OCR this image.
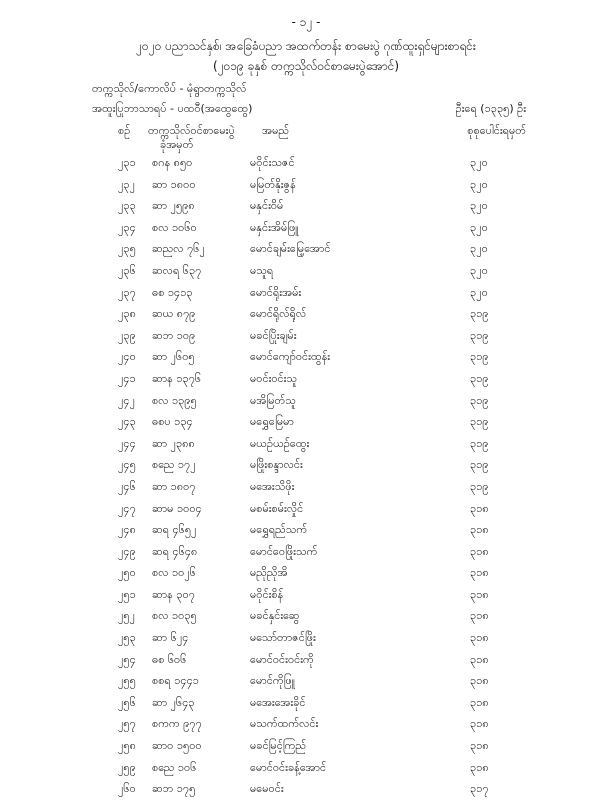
- ၁၂ -
၂၀၂၀ ပညာသင်နှစ်၊ အခြေခံပညာ အထက်တန်း စာမေးပွဲ ဂုဏ်ထူးရှင်များစာရင်း
(၂၀၁၉ ခုနှစ် တက္ကသိုလ်ဝင်စာမေးပွဲအောင်)
တက္ကသိုလ်/ကောလိပ် - မုံရွာတက္ကသိုလ်
အထူးပြုဘာသာရပ် - ပထဝီ(အထွေထွေ)	ဦးရေ (၁၃၃၅) ဦး
စဉ် တက္ကသိုလ်ဝင်စာမေးပွဲ
ခုံအမှတ်
အမည်	စုစုပေါင်းရမှတ်
၂၃၁ စဂန ၈၅၀	မဝိုင်းသဇင်	၃၂၀
၂၃၂ ဆာ ၁၈၀၀	မမြတ်နိုးဇွန်	၃၂၀
၂၃၃ ဆာ ၂၅၉၈	မနှင်းဝိမ်	၃၂၀
၂၃၄ စလ ၁၀၆၀	မနှင်းအိမ်ဖြူ	၃၂၀
၂၃၅ ဆညလ ၇၆၂	မောင်ချမ်းမြေ့အောင်	၃၂၀
၂၃၆ ဆလရ ၆၃၇	မသူရ	၃၂၀
၂၃၇ ဓစ ၁၄၁၃	မောင်ရိုးအမ်း	၃၂၀
၂၃၈ ဆယ ၈၇၉	မောင်ရိုလ်ရိုလ်	၃၁၉
၂၃၉ ဆဘ ၁၀၉	မခင်ပြိုးချမ်း	၃၁၉
၂၄၀ ဆာ ၂၆၀၅	မောင်ကျော်ဝင်းထွန်း	၃၁၉
၂၄၁ ဆာန ၁၃၇၆	မဝင်းဝင်းသူ	၃၁၉
၂၄၂ စလ ၁၃၉၅	မအိမြတ်သူ	၃၁၉
၂၄၃ ဓစပ ၁၃၄	မရွှေမြေမာ	၃၁၉
၂၄၄ ဆာ ၂၃၈၈	မယဉ်ယဉ်ထွေး	၃၁၉
၂၄၅ စညေ ၁၇၂	မဖြိုးစန္ဒာလင်း	၃၁၉
၂၄၆ ဆာ ၁၈၀၇	မအေးသိဖိုး	၃၁၉
၂၄၇ ဆာမ ၁၀၀၄	မစမ်းစမ်းလှိုင်	၃၁၈
၂၄၈ ဆရ ၄၆၅၂	မရွှေရည်သက်	၃၁၈
၂၄၉ ဆရ ၄၆၄၈	မောင်ဝေဖြိုးသက်	၃၁၈
၂၅၀ စလ ၁၀၂၆	မညိုညိုအိ	၃၁၈
၂၅၁ ဆာန ၃၀၇	မဝိုင်းစိန်	၃၁၈
၂၅၂ စလ ၁၀၃၅	မခင်နှင်းဆွေ	၃၁၈
၂၅၃ ဆာ ၆၂၄	မသော်တာဇင်ဖြိုး	၃၁၈
၂၅၄ ဓစ ၆၀၆	မောင်ဝင်းဝင်းကို	၃၁၈
၂၅၅ စစရ ၁၄၄၁	မောင်ကိုဖြူ	၃၁၈
၂၅၆ ဆာ ၂၆၄၃	မအေးအေးခိုင်	၃၁၈
၂၅၇ စကက ၉၇၇	မသက်ထက်လင်း	၃၁၈
၂၅၈ ဆာဝ ၁၅၀၀	မခင်မြင့်ကြည်	၃၁၈
၂၅၉ စညေ ၁၀၆	မောင်ဝင်းခန့်အောင်	၃၁၈
၂၆၀ ဆဘ ၁၇၅	မမေဝင်း	၃၁၇
